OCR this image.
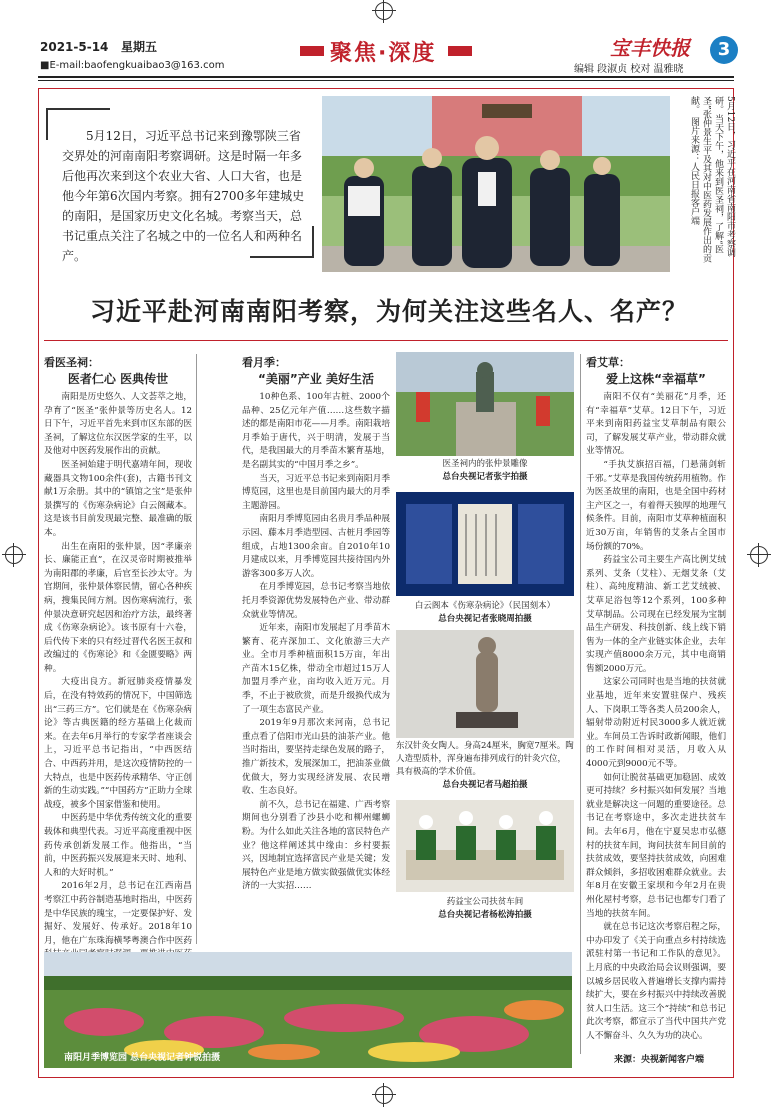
2021-5-14 星期五
■E-mail:baofengkuaibao3@163.com	聚焦·深度	宝丰快报	3
编辑 段淑贞 校对 温雅晓
5月12日，习近平总书记来到豫鄂陕三省交界处的河南南阳考察调研。这是时隔一年多后他再次来到这个农业大省、人口大省，也是他今年第6次国内考察。拥有2700多年建城史的南阳，是国家历史文化名城。考察当天，总书记重点关注了名城之中的一位名人和两种名产。	5月12日，习近平在河南省南阳市考察调研。当天下午，他来到医圣祠，了解“医圣”张仲景生平及其对中医药发展作出的贡献。 图片来源：人民日报客户端
习近平赴河南南阳考察，为何关注这些名人、名产？
看医圣祠：
医者仁心 医典传世

南阳是历史悠久、人文荟萃之地，孕育了“医圣”张仲景等历史名人。12日下午，习近平首先来到市区东部的医圣祠，了解这位东汉医学家的生平，以及他对中医药发展作出的贡献。

医圣祠始建于明代嘉靖年间，现收藏器具文物100余件(套)，古籍书刊文献1万余册。其中的“镇馆之宝”是张仲景撰写的《伤寒杂病论》白云阁藏本。这是该书目前发现最完整、最准确的版本。

出生在南阳的张仲景，因“孝廉亲长、廉能正直”，在汉灵帝时期被推举为南阳郡的孝廉，后官至长沙太守。为官期间，张仲景体察民情，留心各种疾病，搜集民间方剂。因伤寒病流行，张仲景决意研究起因和治疗方法，最终著成《伤寒杂病论》。该书原有十六卷，后代传下来的只有经过晋代名医王叔和改编过的《伤寒论》和《金匮要略》两种。

大疫出良方。新冠肺炎疫情暴发后，在没有特效药的情况下，中国筛选出“三药三方”。它们就是在《伤寒杂病论》等古典医籍的经方基础上化裁而来。在去年6月举行的专家学者座谈会上，习近平总书记指出，“中西医结合、中西药并用，是这次疫情防控的一大特点，也是中医药传承精华、守正创新的生动实践。”“中国药方”正助力全球战疫，被多个国家借鉴和使用。

中医药是中华优秀传统文化的重要载体和典型代表。习近平高度重视中医药传承创新发展工作。他指出，“当前，中医药振兴发展迎来天时、地利、人和的大好时机。”

2016年2月，总书记在江西南昌考察江中药谷制造基地时指出，中医药是中华民族的瑰宝，一定要保护好、发掘好、发展好、传承好。2018年10月，他在广东珠海横琴粤澳合作中医药

看月季：
“美丽”产业 美好生活

10种色系、100年古桩、2000个品种、25亿元年产值……这些数字描述的都是南阳市花——月季。南阳栽培月季始于唐代，兴于明清，发展于当代，是我国最大的月季苗木繁育基地，是名副其实的“中国月季之乡”。

当天，习近平总书记来到南阳月季博览园，这里也是目前国内最大的月季主题游园。

南阳月季博览园由名贵月季品种展示园、藤本月季造型园、古桩月季园等组成，占地1300余亩。自2010年10月建成以来，月季博览园共接待国内外游客300多万人次。

在月季博览园，总书记考察当地依托月季资源优势发展特色产业、带动群众就业等情况。

近年来，南阳市发展起了月季苗木繁育、花卉深加工、文化旅游三大产业。全市月季种植面积15万亩，年出产苗木15亿株，带动全市超过15万人加盟月季产业，亩均收入近万元。月季，不止于被欣赏，而是升级换代成为了一项生态富民产业。

2019年9月那次来河南，总书记重点看了信阳市光山县的油茶产业。他当时指出，要坚持走绿色发展的路子，推广新技术，发展深加工，把油茶业做优做大，努力实现经济发展、农民增收、生态良好。

前不久，总书记在福建、广西考察期间也分别看了沙县小吃和柳州螺蛳粉。为什么如此关注各地的富民特色产业？他这样阐述其中缘由：乡村要振兴，因地制宜选择富民产业是关键；发展特色产业是地方做实做强做优实体经济的一大实招……

医圣祠内的张仲景雕像
总台央视记者张宇拍摄
白云阁本《伤寒杂病论》（民国刻本）
总台央视记者张晓周拍摄
东汉针灸女陶人。身高24厘米，胸宽7厘米。陶人造型质朴，浑身遍布排列成行的针灸穴位，具有极高的学术价值。
总台央视记者马超拍摄
药益宝公司扶贫车间
总台央视记者杨松涛拍摄
看艾草：
爱上这株“幸福草”

南阳不仅有“美丽花”月季，还有“幸福草”艾草。12日下午，习近平来到南阳药益宝艾草制品有限公司，了解发展艾草产业，带动群众就业等情况。

“手执艾旗招百福，门悬蒲剑斩千邪。”艾草是我国传统药用植物。作为医圣故里的南阳，也是全国中药材主产区之一，有着得天独厚的地理气候条件。目前，南阳市艾草种植面积近30万亩，年销售的艾条占全国市场份额的70%。

药益宝公司主要生产高比例艾绒系列、艾条（艾柱）、无烟艾条（艾柱）、高纯度精油、新工艺艾绒被、艾草足浴包等12个系列，100多种艾草制品。公司现在已经发展为宝制品生产研发、科技创新、线上线下销售为一体的全产业链实体企业，去年实现产值8000余万元，其中电商销售额2000万元。

这家公司同时也是当地的扶贫就业基地，近年来安置驻保户、残疾人、下岗职工等各类人员200余人，辐射带动附近村民3000多人就近就业。车间员工告诉时政新闻眼，他们的工作时间相对灵活，月收入从4000元到9000元不等。

如何让脱贫基础更加稳固、成效更可持续？乡村振兴如何发展？当地就业是解决这一问题的重要途径。总书记在考察途中，多次走进扶贫车间。去年6月，他在宁夏吴忠市弘德村的扶贫车间，询问扶贫车间目前的扶贫成效，要坚持扶贫成效，向困难群众倾斜，多招收困难群众就业。去年8月在安徽王家坝和今年2月在贵州化屋村考察，总书记也都专门看了当地的扶贫车间。

就在总书记这次考察启程之际，中办印发了《关于向重点乡村持续选派驻村第一书记和工作队的意见》。上月底的中央政治局会议则强调，要以城乡居民收入普遍增长支撑内需持续扩大，要在乡村振兴中持续改善脱贫人口生活。这三个“持续”和总书记此次考察，都宣示了当代中国共产党人不懈奋斗、久久为功的决心。

南阳月季博览园 总台央视记者钟锐拍摄	来源：央视新闻客户端
